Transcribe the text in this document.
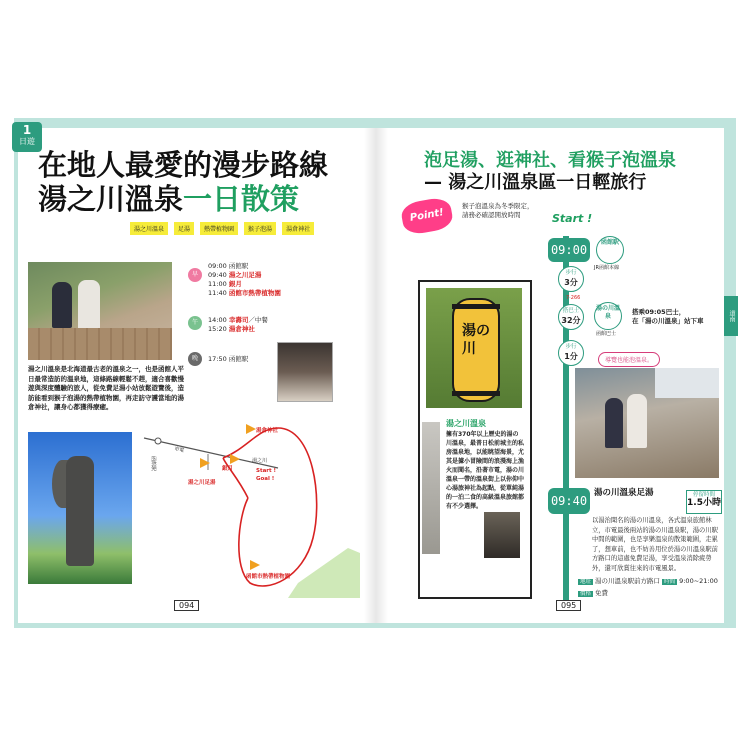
1
日遊
在地人最愛的漫步路線
湯之川溫泉一日散策
湯之川溫泉	足湯	熱帶植物園	猴子泡湯	湯倉神社
早
09:00 函館駅
09:40 湯之川足湯
11:00 銀月
11:40 函館市熱帶植物園
午	14:00 幸壽司／中餐
15:20 湯倉神社
晚	17:50 函館駅
湯之川溫泉是北海道最古老的溫泉之一，也是函館人平日最常造訪的溫泉地，這條路線輕鬆不趕，適合喜歡慢遊與深度體驗的旅人，從免費足湯小站放鬆遊覽後，造訪能看到猴子泡湯的熱帶植物園，再走訪守護當地的湯倉神社，讓身心都獲得療癒。
函館駅
市電
湯之川足湯
銀月
湯倉神社
湯之川
Start !
Goal !
函館市熱帶植物園
094
泡足湯、逛神社、看猴子泡溫泉
— 湯之川溫泉區一日輕旅行
Point!
猴子泡溫泉為冬季限定，請務必確認開放時間
湯の川
湯之川溫泉
擁有370年以上歷史的湯の川溫泉，最普日松前城主的私房溫泉地，以能眺望海景，尤其是據小冒險間的浪漫海上漁火而聞名，沿著市電，湯の川溫泉一帶的溫泉街上以你仰中心湯旅神社為起點，從單純湯的一泊二食的高級溫泉旅館都有不少選擇。
Start !
09:00
函館駅
JR函館本線
步行
3分
7·266
搭巴士
32分
湯の川溫泉
函館巴士
搭乘09:05巴士，
在「湯の川溫泉」站下車
步行
1分	導覽也能泡溫泉。
09:40
湯の川溫泉足湯	停留時間
1.5小時
以湯治聞名的湯の川溫泉，各式溫泉旅館林立，市電最後兩站的湯の川溫泉駅，湯の川駅中間的範圍，也是享樂溫泉的散策範圍，走累了，想車前，也不妨善用位於湯の川溫泉駅前方路口的這處免費足湯，享受溫泉消除疲勞外，還可欣賞往來的市電風景。
地址 湯の川溫泉駅前方路口 時間 9:00~21:00
價格 免費
道南
095
